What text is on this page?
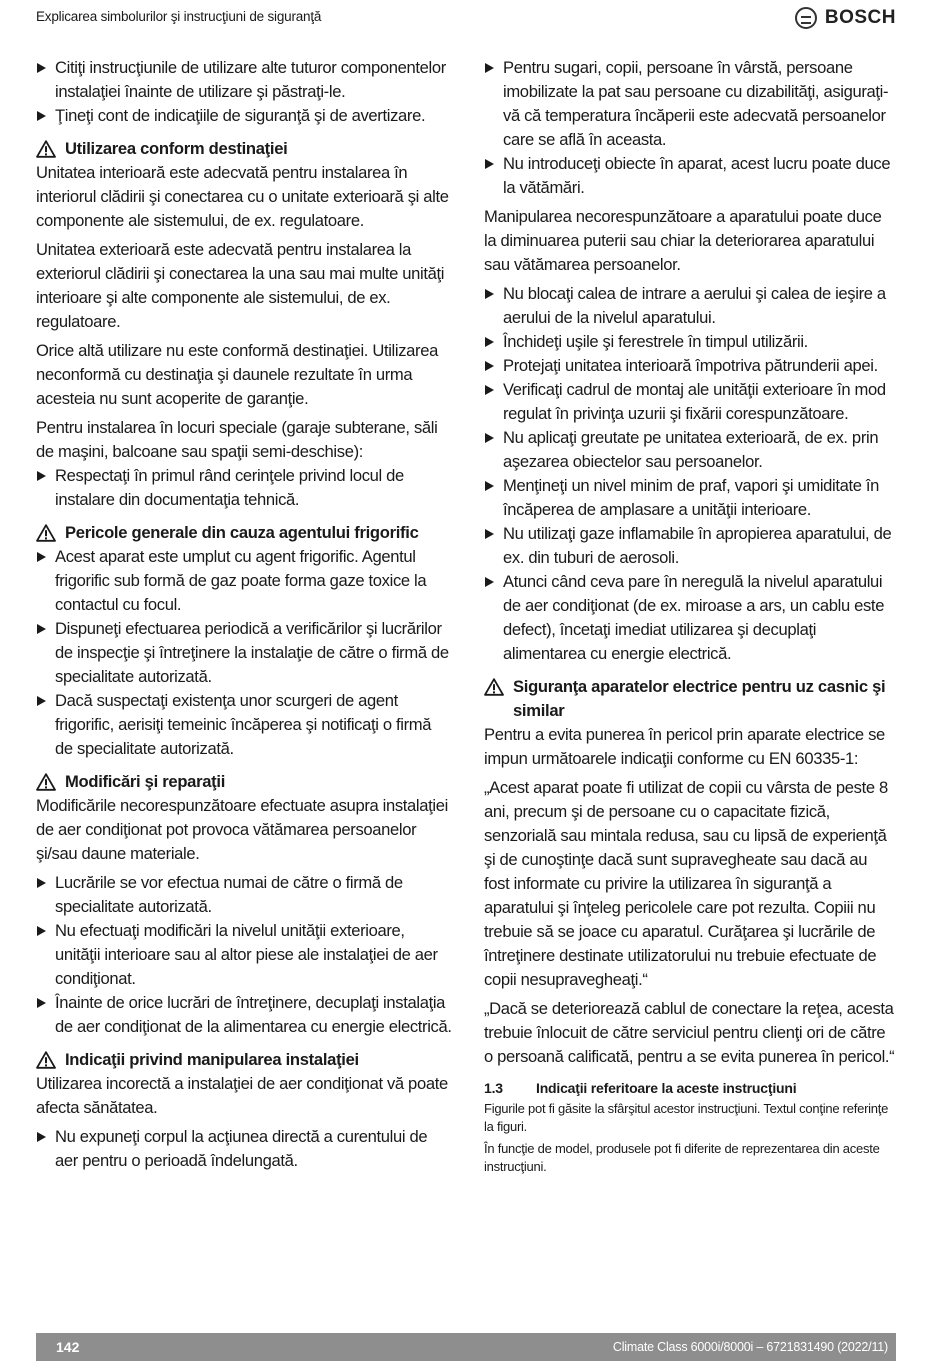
Explicarea simbolurilor şi instrucţiuni de siguranţă	BOSCH
Citiţi instrucţiunile de utilizare alte tuturor componentelor instalaţiei înainte de utilizare şi păstraţi-le.
Ţineţi cont de indicaţiile de siguranţă şi de avertizare.
Utilizarea conform destinaţiei

Unitatea interioară este adecvată pentru instalarea în interiorul clădirii şi conectarea cu o unitate exterioară şi alte componente ale sistemului, de ex. regulatoare.

Unitatea exterioară este adecvată pentru instalarea la exteriorul clădirii şi conectarea la una sau mai multe unităţi interioare şi alte componente ale sistemului, de ex. regulatoare.

Orice altă utilizare nu este conformă destinaţiei. Utilizarea neconformă cu destinaţia şi daunele rezultate în urma acesteia nu sunt acoperite de garanţie.

Pentru instalarea în locuri speciale (garaje subterane, săli de maşini, balcoane sau spaţii semi-deschise):

Respectaţi în primul rând cerinţele privind locul de instalare din documentaţia tehnică.
Pericole generale din cauza agentului frigorific
Acest aparat este umplut cu agent frigorific. Agentul frigorific sub formă de gaz poate forma gaze toxice la contactul cu focul.
Dispuneţi efectuarea periodică a verificărilor şi lucrărilor de inspecţie şi întreţinere la instalaţie de către o firmă de specialitate autorizată.
Dacă suspectaţi existenţa unor scurgeri de agent frigorific, aerisiţi temeinic încăperea şi notificaţi o firmă de specialitate autorizată.
Modificări şi reparaţii

Modificările necorespunzătoare efectuate asupra instalaţiei de aer condiţionat pot provoca vătămarea persoanelor şi/sau daune materiale.

Lucrările se vor efectua numai de către o firmă de specialitate autorizată.
Nu efectuaţi modificări la nivelul unităţii exterioare, unităţii interioare sau al altor piese ale instalaţiei de aer condiţionat.
Înainte de orice lucrări de întreţinere, decuplaţi instalaţia de aer condiţionat de la alimentarea cu energie electrică.
Indicaţii privind manipularea instalaţiei

Utilizarea incorectă a instalaţiei de aer condiţionat vă poate afecta sănătatea.

Nu expuneţi corpul la acţiunea directă a curentului de aer pentru o perioadă îndelungată.
Pentru sugari, copii, persoane în vârstă, persoane imobilizate la pat sau persoane cu dizabilităţi, asiguraţi-vă că temperatura încăperii este adecvată persoanelor care se află în aceasta.
Nu introduceţi obiecte în aparat, acest lucru poate duce la vătămări.

Manipularea necorespunzătoare a aparatului poate duce la diminuarea puterii sau chiar la deteriorarea aparatului sau vătămarea persoanelor.

Nu blocaţi calea de intrare a aerului şi calea de ieşire a aerului de la nivelul aparatului.
Închideţi uşile şi ferestrele în timpul utilizării.
Protejaţi unitatea interioară împotriva pătrunderii apei.
Verificaţi cadrul de montaj ale unităţii exterioare în mod regulat în privinţa uzurii şi fixării corespunzătoare.
Nu aplicaţi greutate pe unitatea exterioară, de ex. prin aşezarea obiectelor sau persoanelor.
Menţineţi un nivel minim de praf, vapori şi umiditate în încăperea de amplasare a unităţii interioare.
Nu utilizaţi gaze inflamabile în apropierea aparatului, de ex. din tuburi de aerosoli.
Atunci când ceva pare în neregulă la nivelul aparatului de aer condiţionat (de ex. miroase a ars, un cablu este defect), încetaţi imediat utilizarea şi decuplaţi alimentarea cu energie electrică.
Siguranţa aparatelor electrice pentru uz casnic şi similar

Pentru a evita punerea în pericol prin aparate electrice se impun următoarele indicaţii conforme cu EN 60335-1:

„Acest aparat poate fi utilizat de copii cu vârsta de peste 8 ani, precum şi de persoane cu o capacitate fizică, senzorială sau mintala redusa, sau cu lipsă de experienţă şi de cunoştinţe dacă sunt supravegheate sau dacă au fost informate cu privire la utilizarea în siguranţă a aparatului şi înţeleg pericolele care pot rezulta. Copiii nu trebuie să se joace cu aparatul. Curăţarea şi lucrările de întreţinere destinate utilizatorului nu trebuie efectuate de copii nesupravegheaţi.“

„Dacă se deteriorează cablul de conectare la reţea, acesta trebuie înlocuit de către serviciul pentru clienţi ori de către o persoană calificată, pentru a se evita punerea în pericol.“

1.3	Indicaţii referitoare la aceste instrucţiuni

Figurile pot fi găsite la sfârşitul acestor instrucţiuni. Textul conţine referinţe la figuri.

În funcţie de model, produsele pot fi diferite de reprezentarea din aceste instrucţiuni.

142	Climate Class 6000i/8000i – 6721831490 (2022/11)
